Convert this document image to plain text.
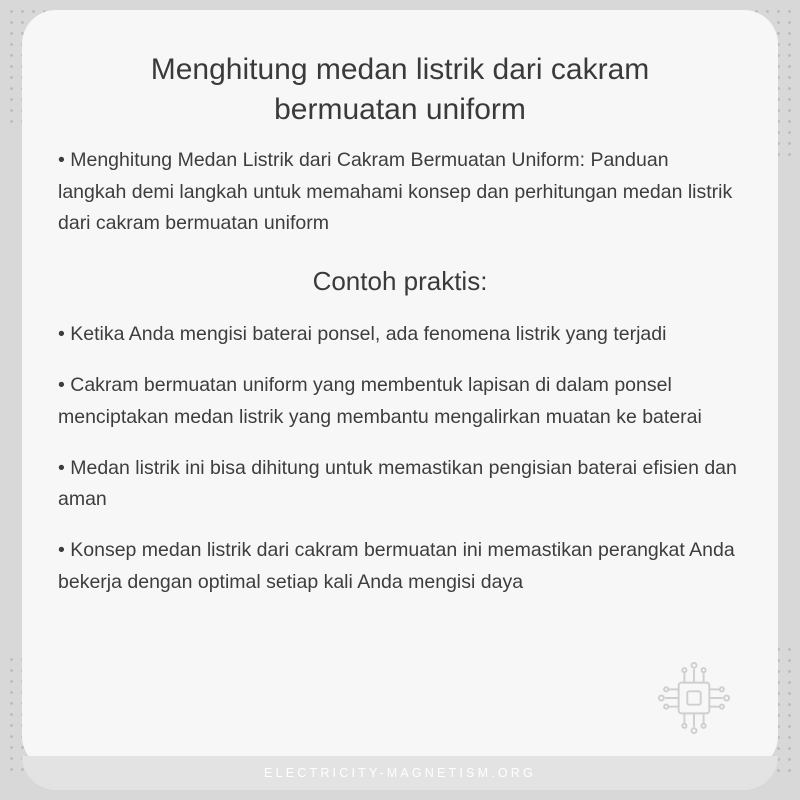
Menghitung medan listrik dari cakram bermuatan uniform

• Menghitung Medan Listrik dari Cakram Bermuatan Uniform: Panduan langkah demi langkah untuk memahami konsep dan perhitungan medan listrik dari cakram bermuatan uniform

Contoh praktis:

• Ketika Anda mengisi baterai ponsel, ada fenomena listrik yang terjadi

• Cakram bermuatan uniform yang membentuk lapisan di dalam ponsel menciptakan medan listrik yang membantu mengalirkan muatan ke baterai

• Medan listrik ini bisa dihitung untuk memastikan pengisian baterai efisien dan aman

• Konsep medan listrik dari cakram bermuatan ini memastikan perangkat Anda bekerja dengan optimal setiap kali Anda mengisi daya

ELECTRICITY-MAGNETISM.ORG
